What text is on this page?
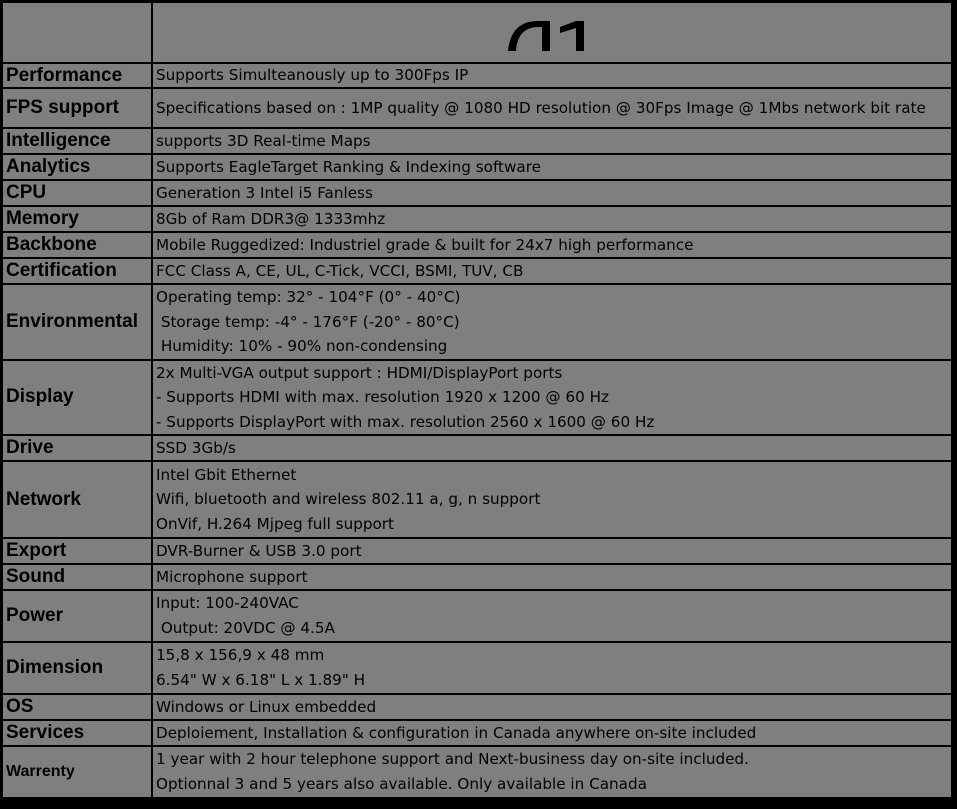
Performance	Supports Simulteanously up to 300Fps IP

FPS support	Specifications based on : 1MP quality @ 1080 HD resolution @ 30Fps Image @ 1Mbs network bit rate

Intelligence	supports 3D Real-time Maps

Analytics	Supports EagleTarget Ranking & Indexing software

CPU	Generation 3 Intel i5 Fanless

Memory	8Gb of Ram DDR3@ 1333mhz

Backbone	Mobile Ruggedized: Industriel grade & built for 24x7 high performance

Certification	FCC Class A, CE, UL, C-Tick, VCCI, BSMI, TUV, CB

Environmental	Operating temp: 32° - 104°F (0° - 40°C)
Storage temp: -4° - 176°F (-20° - 80°C)
Humidity: 10% - 90% non-condensing

Display	2x Multi-VGA output support : HDMI/DisplayPort ports
- Supports HDMI with max. resolution 1920 x 1200 @ 60 Hz
- Supports DisplayPort with max. resolution 2560 x 1600 @ 60 Hz

Drive	SSD 3Gb/s

Network	Intel Gbit Ethernet
Wifi, bluetooth and wireless 802.11 a, g, n support
OnVif, H.264 Mjpeg full support

Export	DVR-Burner & USB 3.0 port

Sound	Microphone support

Power	Input: 100-240VAC
Output: 20VDC @ 4.5A

Dimension	15,8 x 156,9 x 48 mm
6.54" W x 6.18" L x 1.89" H

OS	Windows or Linux embedded

Services	Deploiement, Installation & configuration in Canada anywhere on-site included

Warrenty	1 year with 2 hour telephone support and Next-business day on-site included.
Optionnal 3 and 5 years also available. Only available in Canada
